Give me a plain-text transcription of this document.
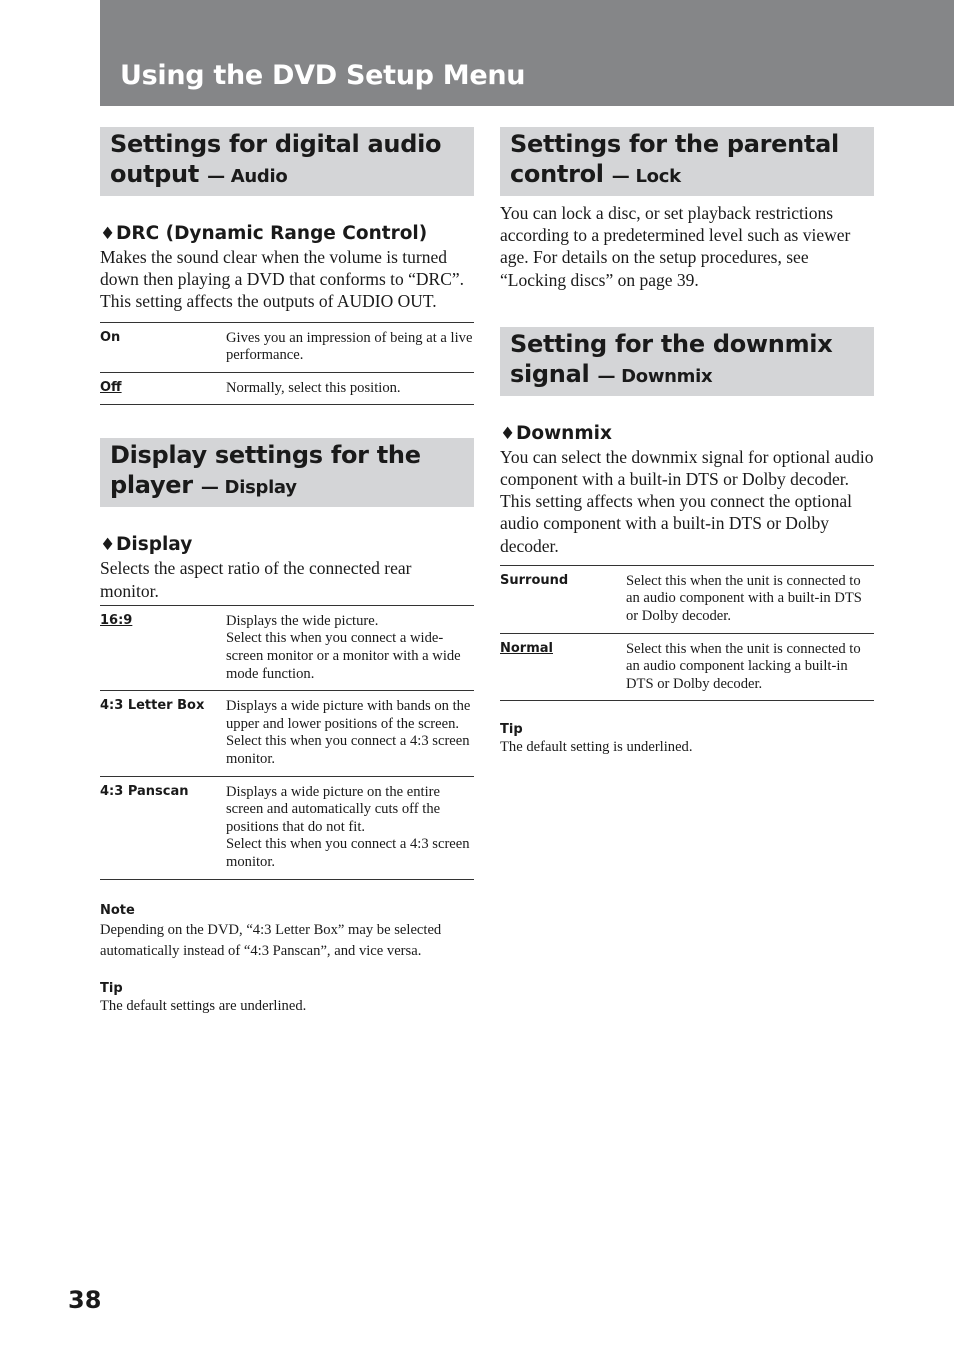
Using the DVD Setup Menu
Settings for digital audio output — Audio

♦DRC (Dynamic Range Control)

Makes the sound clear when the volume is turned down then playing a DVD that conforms to “DRC”.

This setting affects the outputs of AUDIO OUT.

On	Gives you an impression of being at a live performance.
Off	Normally, select this position.
Display settings for the player — Display

♦Display

Selects the aspect ratio of the connected rear monitor.

16:9	Displays the wide picture.
Select this when you connect a wide-screen monitor or a monitor with a wide mode function.

4:3 Letter Box	Displays a wide picture with bands on the upper and lower positions of the screen.
Select this when you connect a 4:3 screen monitor.

4:3 Panscan	Displays a wide picture on the entire screen and automatically cuts off the positions that do not fit.
Select this when you connect a 4:3 screen monitor.

Note

Depending on the DVD, “4:3 Letter Box” may be selected automatically instead of “4:3 Panscan”, and vice versa.

Tip

The default settings are underlined.

Settings for the parental control — Lock

You can lock a disc, or set playback restrictions according to a predetermined level such as viewer age. For details on the setup procedures, see “Locking discs” on page 39.

Setting for the downmix signal — Downmix

♦Downmix

You can select the downmix signal for optional audio component with a built-in DTS or Dolby decoder.

This setting affects when you connect the optional audio component with a built-in DTS or Dolby decoder.

Surround	Select this when the unit is connected to an audio component with a built-in DTS or Dolby decoder.
Normal	Select this when the unit is connected to an audio component lacking a built-in DTS or Dolby decoder.

Tip

The default setting is underlined.

38
